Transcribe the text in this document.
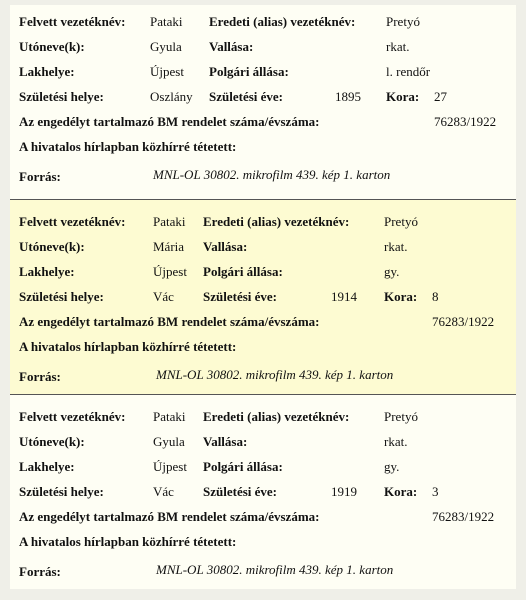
Felvett vezetéknév: Pataki Eredeti (alias) vezetéknév: Pretyó
Utóneve(k):	Gyula Vallása:	rkat.
Lakhelye:	Újpest Polgári állása:	l. rendőr
Születési helye:	Oszlány Születési éve:	1895 Kora: 27
Az engedélyt tartalmazó BM rendelet száma/évszáma:	76283/1922
A hivatalos hírlapban közhírré tétetett:
Forrás:	MNL-OL 30802. mikrofilm 439. kép 1. karton
Felvett vezetéknév: Pataki Eredeti (alias) vezetéknév:	Pretyó
Utóneve(k):	Mária Vallása:	rkat.
Lakhelye:	Újpest Polgári állása:	gy.
Születési helye:	Vác Születési éve:	1914 Kora: 8
Az engedélyt tartalmazó BM rendelet száma/évszáma:	76283/1922
A hivatalos hírlapban közhírré tétetett:
Forrás:	MNL-OL 30802. mikrofilm 439. kép 1. karton
Felvett vezetéknév: Pataki Eredeti (alias) vezetéknév:	Pretyó
Utóneve(k):	Gyula Vallása:	rkat.
Lakhelye:	Újpest Polgári állása:	gy.
Születési helye:	Vác Születési éve:	1919 Kora: 3
Az engedélyt tartalmazó BM rendelet száma/évszáma:	76283/1922
A hivatalos hírlapban közhírré tétetett:
Forrás:	MNL-OL 30802. mikrofilm 439. kép 1. karton
